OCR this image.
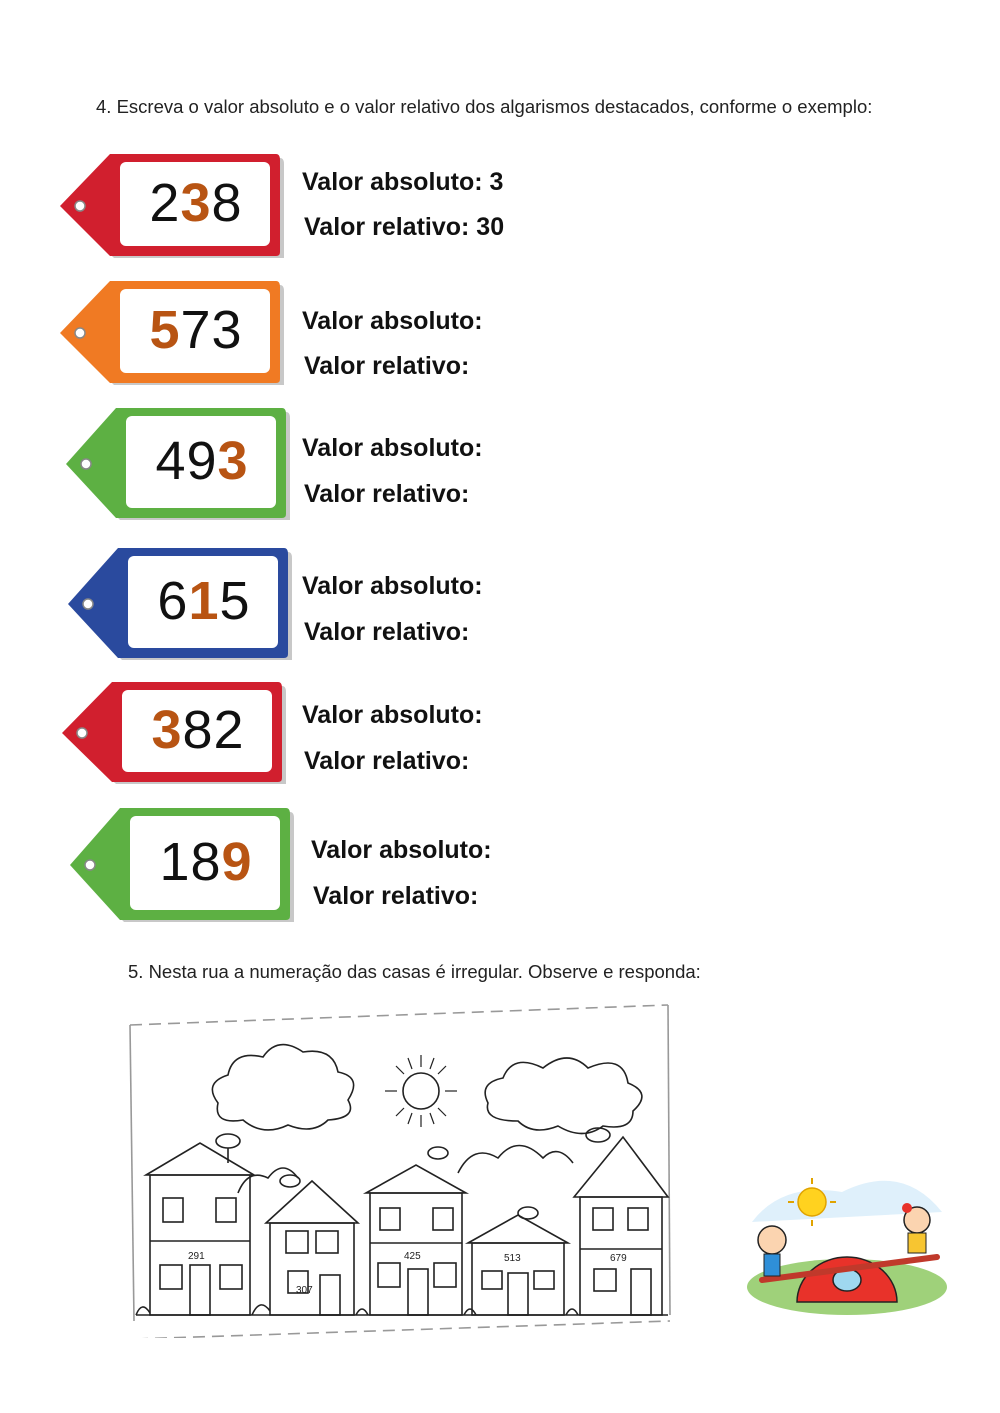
4. Escreva o valor absoluto e o valor relativo dos algarismos destacados, conforme o exemplo:
238	Valor absoluto: 3
Valor relativo: 30
573	Valor absoluto:
Valor relativo:
493	Valor absoluto:
Valor relativo:
615	Valor absoluto:
Valor relativo:
382	Valor absoluto:
Valor relativo:
189	Valor absoluto:
Valor relativo:
5. Nesta rua a numeração das casas é irregular. Observe e responda:
291
307
425	513	679
